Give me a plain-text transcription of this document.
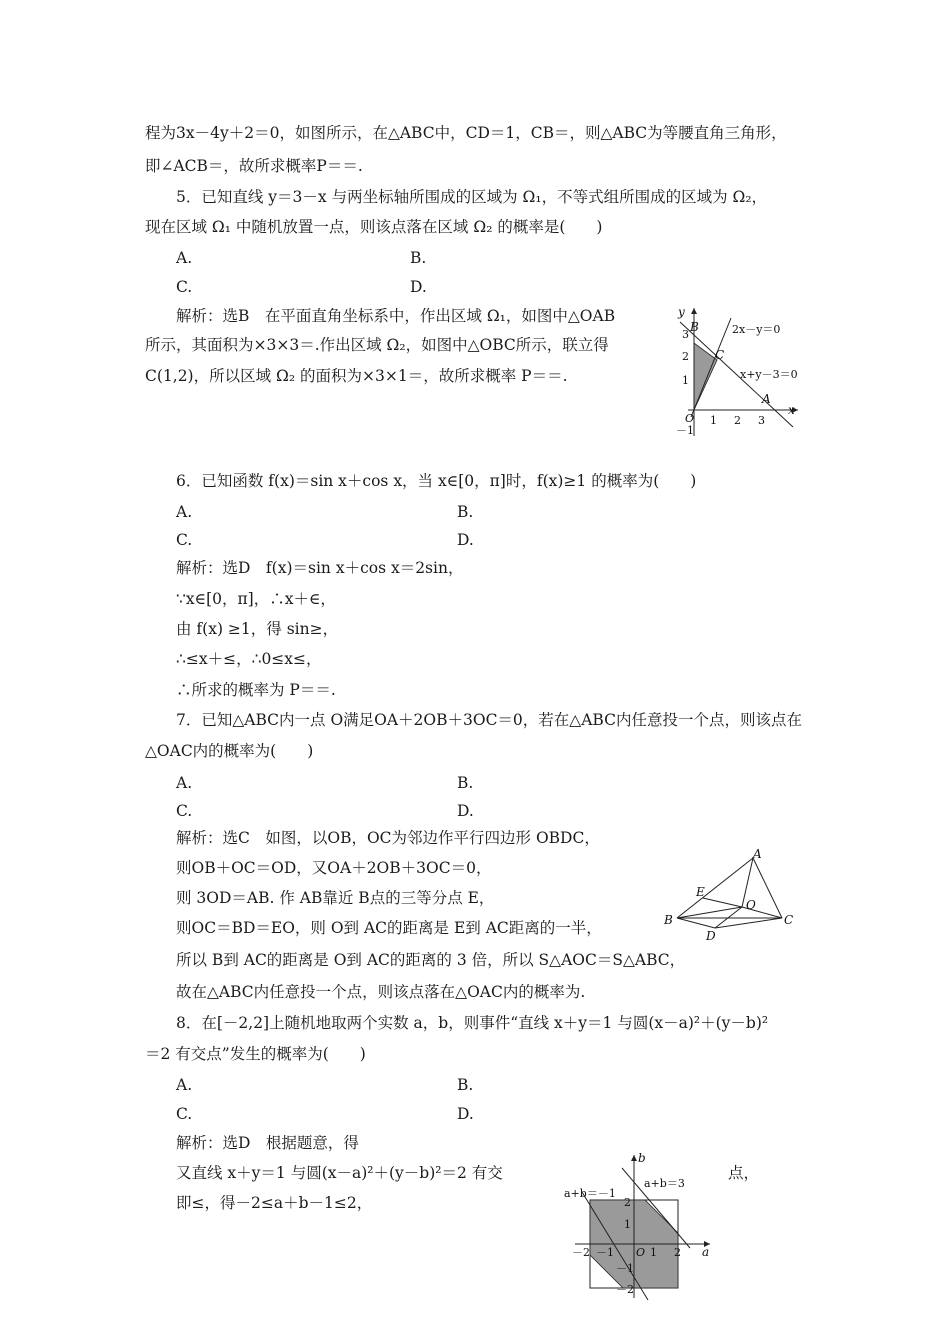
程为3x－4y＋2＝0，如图所示，在△ABC中，CD＝1，CB＝，则△ABC为等腰直角三角形，
即∠ACB＝，故所求概率P＝＝.
5．已知直线 y＝3－x 与两坐标轴所围成的区域为 Ω₁，不等式组所围成的区域为 Ω₂，
现在区域 Ω₁ 中随机放置一点，则该点落在区域 Ω₂ 的概率是(　　)
A.	B.
C.	D.
解析：选B　在平面直角坐标系中，作出区域 Ω₁，如图中△OAB
所示，其面积为×3×3＝.作出区域 Ω₂，如图中△OBC所示，联立得
C(1,2)，所以区域 Ω₂ 的面积为×3×1＝，故所求概率 P＝＝.
y
x
O
B
C
A
2x－y＝0
x+y－3＝0
1 2 3
1
2
3
－1
6．已知函数 f(x)＝sin x＋cos x，当 x∈[0，π]时，f(x)≥1 的概率为(　　)
A.	B.
C.	D.
解析：选D　f(x)＝sin x＋cos x＝2sin，
∵x∈[0，π]，∴x＋∈，
由 f(x) ≥1，得 sin≥，
∴≤x＋≤，∴0≤x≤，
∴所求的概率为 P＝＝.
7．已知△ABC内一点 O满足OA＋2OB＋3OC＝0，若在△ABC内任意投一个点，则该点在
△OAC内的概率为(　　)
A.	B.
C.	D.
解析：选C　如图，以OB，OC为邻边作平行四边形 OBDC，
则OB＋OC＝OD，又OA＋2OB＋3OC＝0，
则 3OD＝AB. 作 AB靠近 B点的三等分点 E，
则OC＝BD＝EO，则 O到 AC的距离是 E到 AC距离的一半，
所以 B到 AC的距离是 O到 AC的距离的 3 倍，所以 S△AOC＝S△ABC，
故在△ABC内任意投一个点，则该点落在△OAC内的概率为.
A
B	C
D
E
O
8．在[－2,2]上随机地取两个实数 a，b，则事件“直线 x＋y＝1 与圆(x－a)²＋(y－b)²
＝2 有交点”发生的概率为(　　)
A.	B.
C.	D.
解析：选D　根据题意，得
又直线 x＋y＝1 与圆(x－a)²＋(y－b)²＝2 有交	点，
即≤，得－2≤a＋b－1≤2，
b
a
O
a+b＝－1
a+b＝3
－2 －1	1 2
2
1
－1
－2
